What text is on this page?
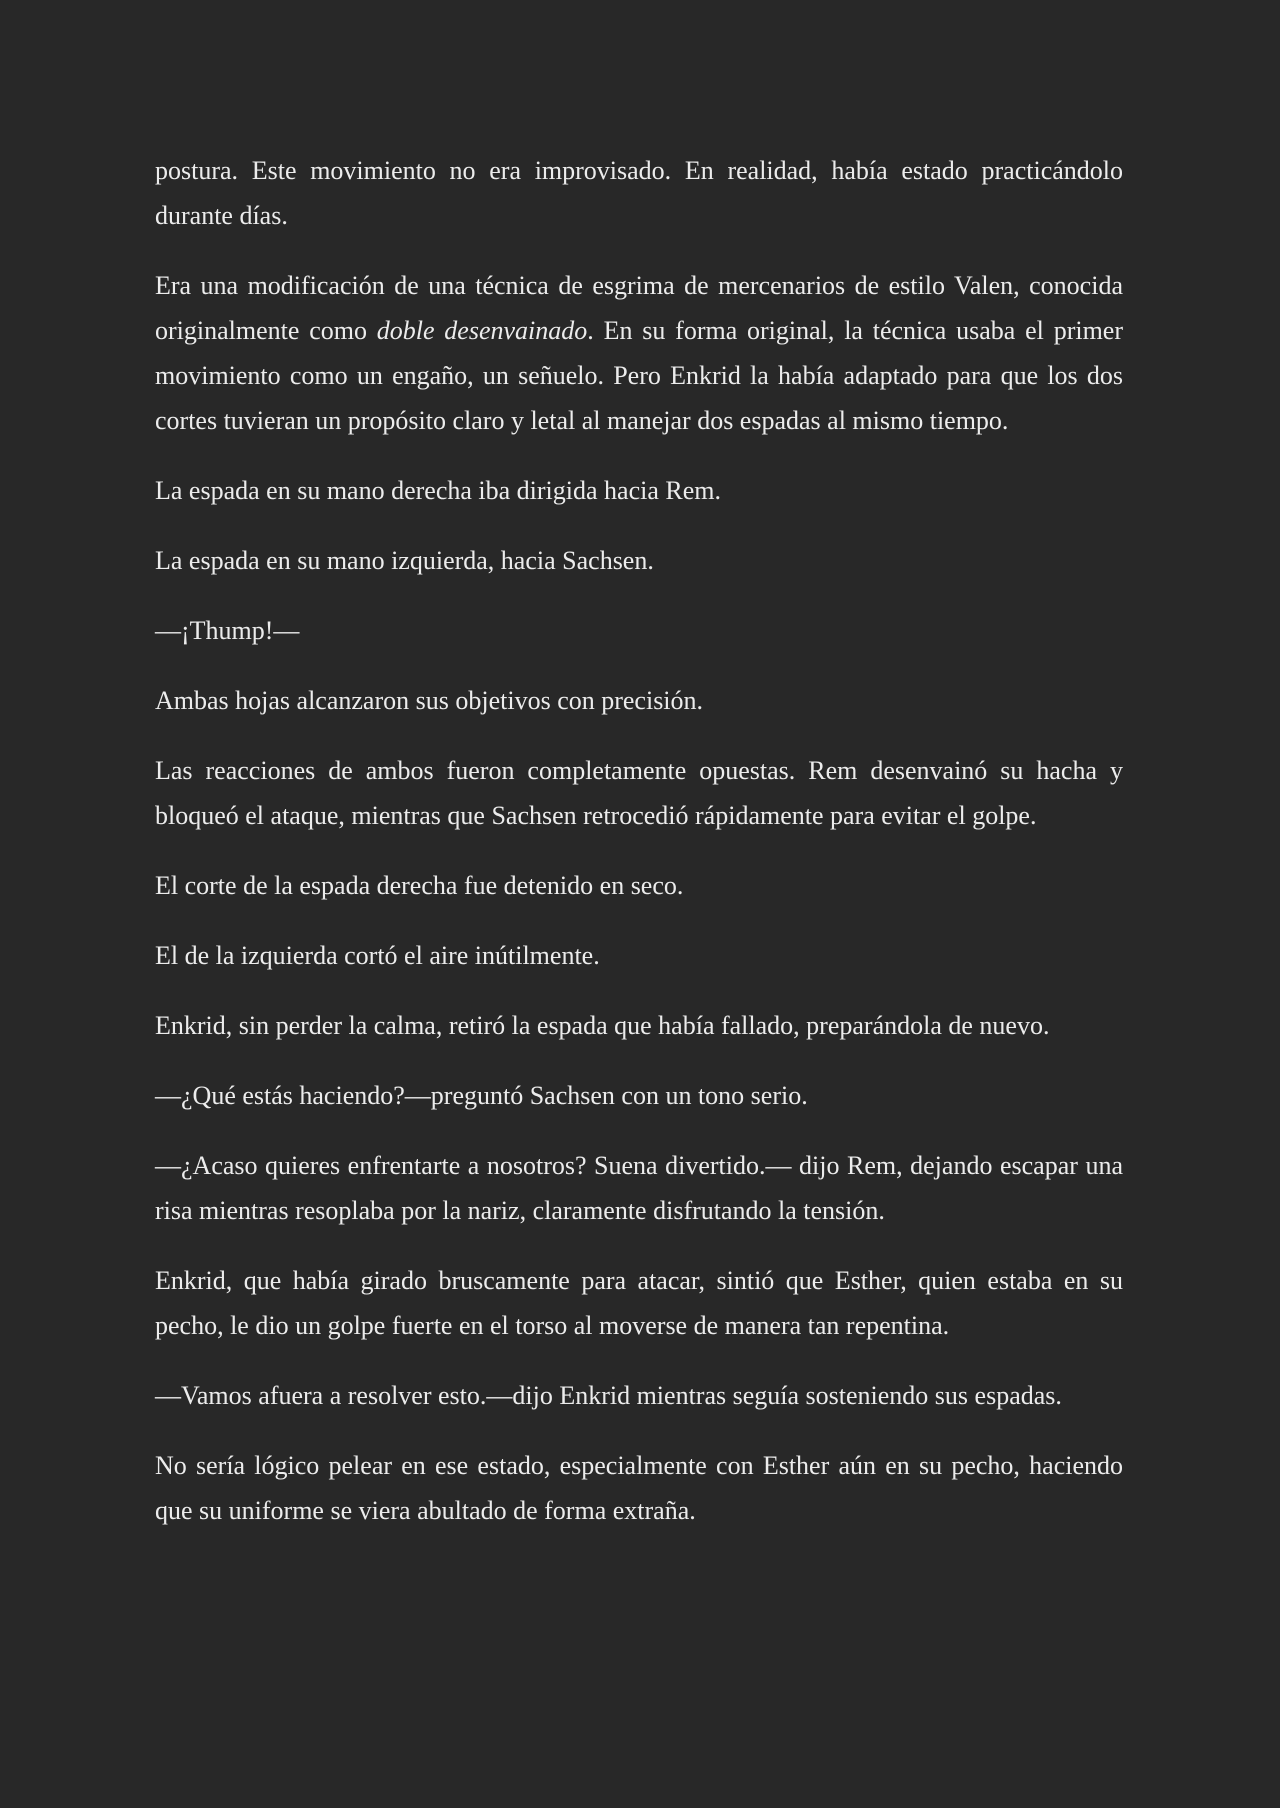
postura. Este movimiento no era improvisado. En realidad, había estado practicándolo durante días.

Era una modificación de una técnica de esgrima de mercenarios de estilo Valen, conocida originalmente como doble desenvainado. En su forma original, la técnica usaba el primer movimiento como un engaño, un señuelo. Pero Enkrid la había adaptado para que los dos cortes tuvieran un propósito claro y letal al manejar dos espadas al mismo tiempo.

La espada en su mano derecha iba dirigida hacia Rem.

La espada en su mano izquierda, hacia Sachsen.

—¡Thump!—

Ambas hojas alcanzaron sus objetivos con precisión.

Las reacciones de ambos fueron completamente opuestas. Rem desenvainó su hacha y bloqueó el ataque, mientras que Sachsen retrocedió rápidamente para evitar el golpe.

El corte de la espada derecha fue detenido en seco.

El de la izquierda cortó el aire inútilmente.

Enkrid, sin perder la calma, retiró la espada que había fallado, preparándola de nuevo.

—¿Qué estás haciendo?—preguntó Sachsen con un tono serio.

—¿Acaso quieres enfrentarte a nosotros? Suena divertido.— dijo Rem, dejando escapar una risa mientras resoplaba por la nariz, claramente disfrutando la tensión.

Enkrid, que había girado bruscamente para atacar, sintió que Esther, quien estaba en su pecho, le dio un golpe fuerte en el torso al moverse de manera tan repentina.

—Vamos afuera a resolver esto.—dijo Enkrid mientras seguía sosteniendo sus espadas.

No sería lógico pelear en ese estado, especialmente con Esther aún en su pecho, haciendo que su uniforme se viera abultado de forma extraña.
